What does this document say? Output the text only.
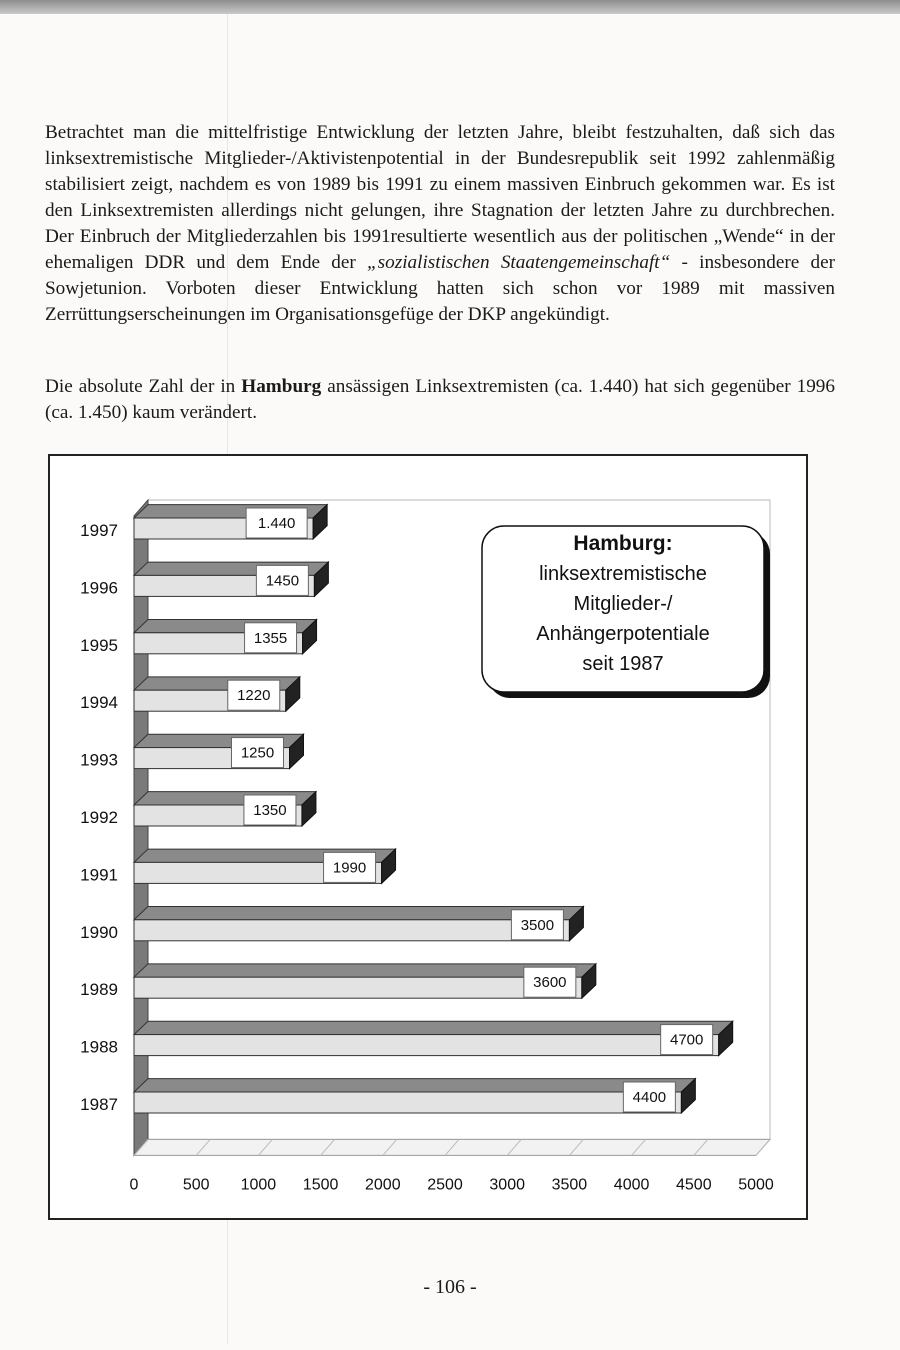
Betrachtet man die mittelfristige Entwicklung der letzten Jahre, bleibt festzuhalten, daß sich das linksextremistische Mitglieder-/Aktivistenpotential in der Bundesrepublik seit 1992 zahlenmäßig stabilisiert zeigt, nachdem es von 1989 bis 1991 zu einem massiven Einbruch gekommen war. Es ist den Linksextremisten allerdings nicht gelungen, ihre Stagnation der letzten Jahre zu durchbrechen. Der Einbruch der Mitgliederzahlen bis 1991resultierte wesentlich aus der politischen „Wende“ in der ehemaligen DDR und dem Ende der „sozialistischen Staatengemeinschaft“ - insbesondere der Sowjetunion. Vorboten dieser Entwicklung hatten sich schon vor 1989 mit massiven Zerrüttungserscheinungen im Organisationsgefüge der DKP angekündigt.

Die absolute Zahl der in Hamburg ansässigen Linksextremisten (ca. 1.440) hat sich gegenüber 1996 (ca. 1.450) kaum verändert.

1.440
1997
1450
1996
1355
1995
1220
1994
1250
1993
1350
1992
1990
1991
3500
1990
3600
1989
4700
1988
4400
1987
0	500 1000 1500 2000 2500 3000 3500 4000 4500 5000
Hamburg:
linksextremistische
Mitglieder-/
Anhängerpotentiale
seit 1987
- 106 -
